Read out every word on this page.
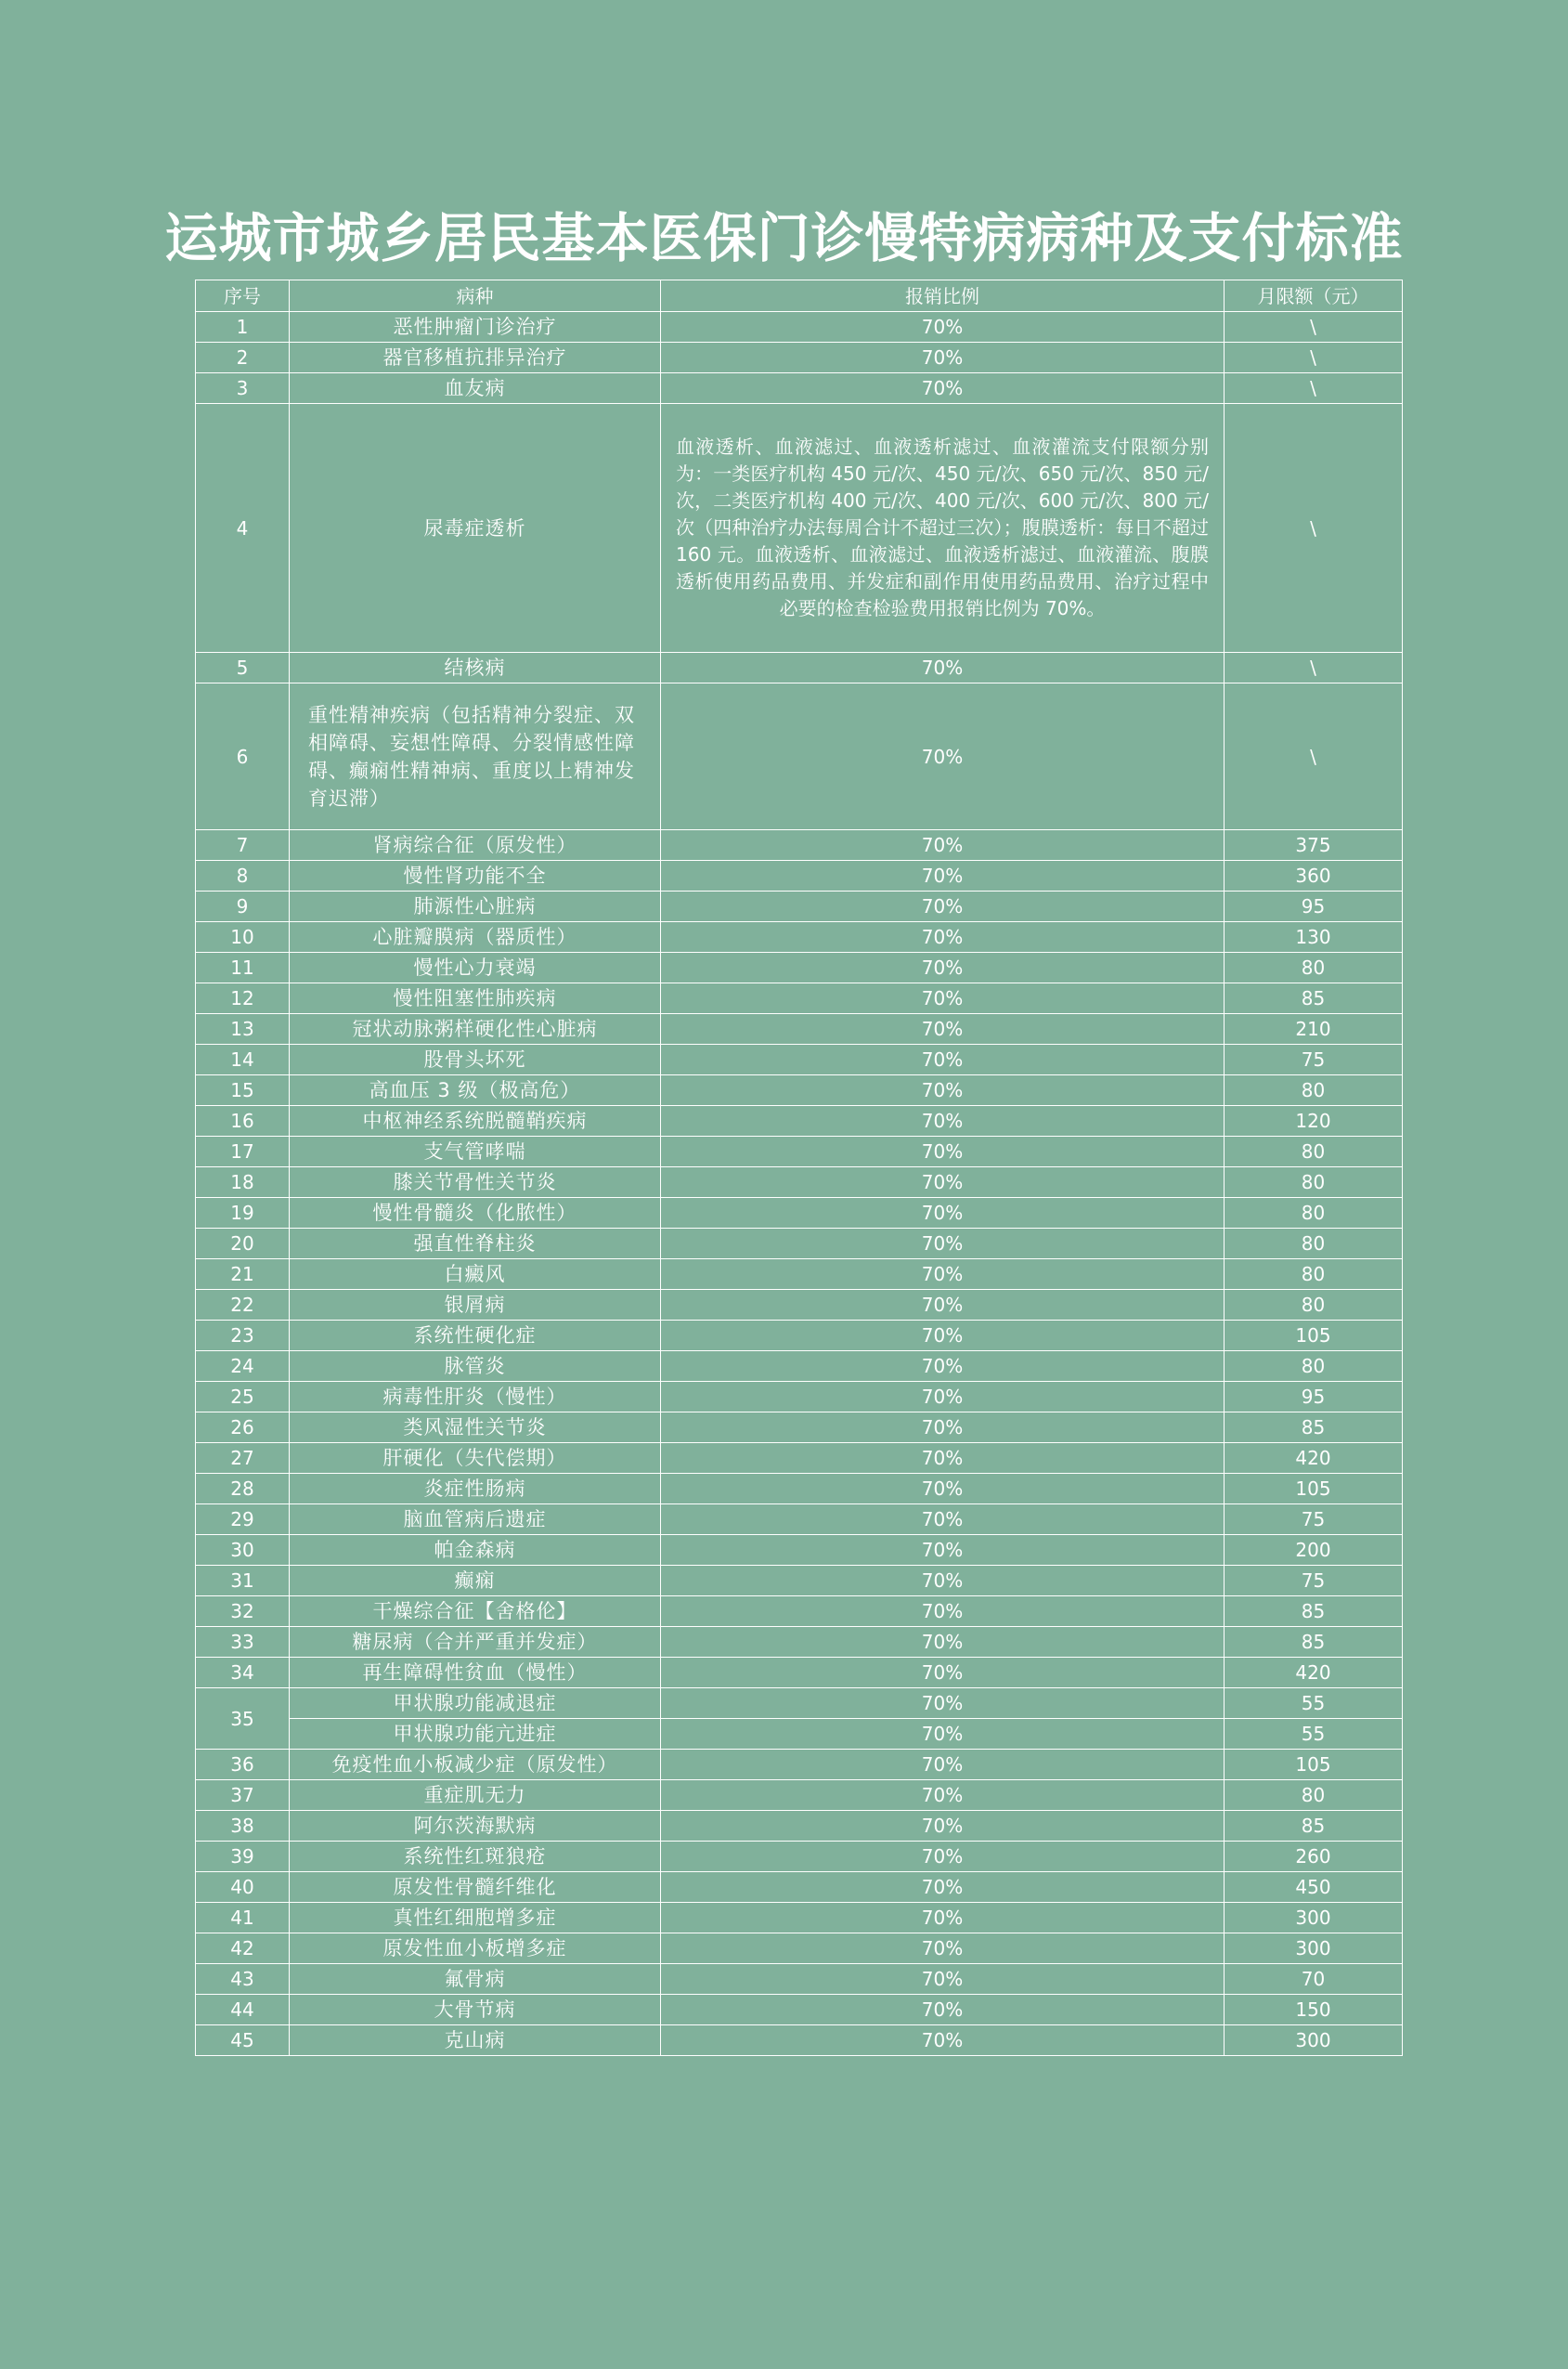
运城市城乡居民基本医保门诊慢特病病种及支付标准
序号	病种	报销比例	月限额（元）
1	恶性肿瘤门诊治疗	70%	\
2	器官移植抗排异治疗	70%	\
3	血友病	70%	\
4	尿毒症透析	血液透析、血液滤过、血液透析滤过、血液灌流支付限额分别为：一类医疗机构 450 元/次、450 元/次、650 元/次、850 元/次，二类医疗机构 400 元/次、400 元/次、600 元/次、800 元/次（四种治疗办法每周合计不超过三次）；腹膜透析：每日不超过 160 元。血液透析、血液滤过、血液透析滤过、血液灌流、腹膜透析使用药品费用、并发症和副作用使用药品费用、治疗过程中必要的检查检验费用报销比例为 70%。	\
5	结核病	70%	\
6	重性精神疾病（包括精神分裂症、双相障碍、妄想性障碍、分裂情感性障碍、癫痫性精神病、重度以上精神发育迟滞）	70%	\
7	肾病综合征（原发性）	70%	375
8	慢性肾功能不全	70%	360
9	肺源性心脏病	70%	95
10	心脏瓣膜病（器质性）	70%	130
11	慢性心力衰竭	70%	80
12	慢性阻塞性肺疾病	70%	85
13	冠状动脉粥样硬化性心脏病	70%	210
14	股骨头坏死	70%	75
15	高血压 3 级（极高危）	70%	80
16	中枢神经系统脱髓鞘疾病	70%	120
17	支气管哮喘	70%	80
18	膝关节骨性关节炎	70%	80
19	慢性骨髓炎（化脓性）	70%	80
20	强直性脊柱炎	70%	80
21	白癜风	70%	80
22	银屑病	70%	80
23	系统性硬化症	70%	105
24	脉管炎	70%	80
25	病毒性肝炎（慢性）	70%	95
26	类风湿性关节炎	70%	85
27	肝硬化（失代偿期）	70%	420
28	炎症性肠病	70%	105
29	脑血管病后遗症	70%	75
30	帕金森病	70%	200
31	癫痫	70%	75
32	干燥综合征【舍格伦】	70%	85
33	糖尿病（合并严重并发症）	70%	85
34	再生障碍性贫血（慢性）	70%	420
35	甲状腺功能减退症	70%	55
	甲状腺功能亢进症	70%	55
36	免疫性血小板减少症（原发性）	70%	105
37	重症肌无力	70%	80
38	阿尔茨海默病	70%	85
39	系统性红斑狼疮	70%	260
40	原发性骨髓纤维化	70%	450
41	真性红细胞增多症	70%	300
42	原发性血小板增多症	70%	300
43	氟骨病	70%	70
44	大骨节病	70%	150
45	克山病	70%	300
